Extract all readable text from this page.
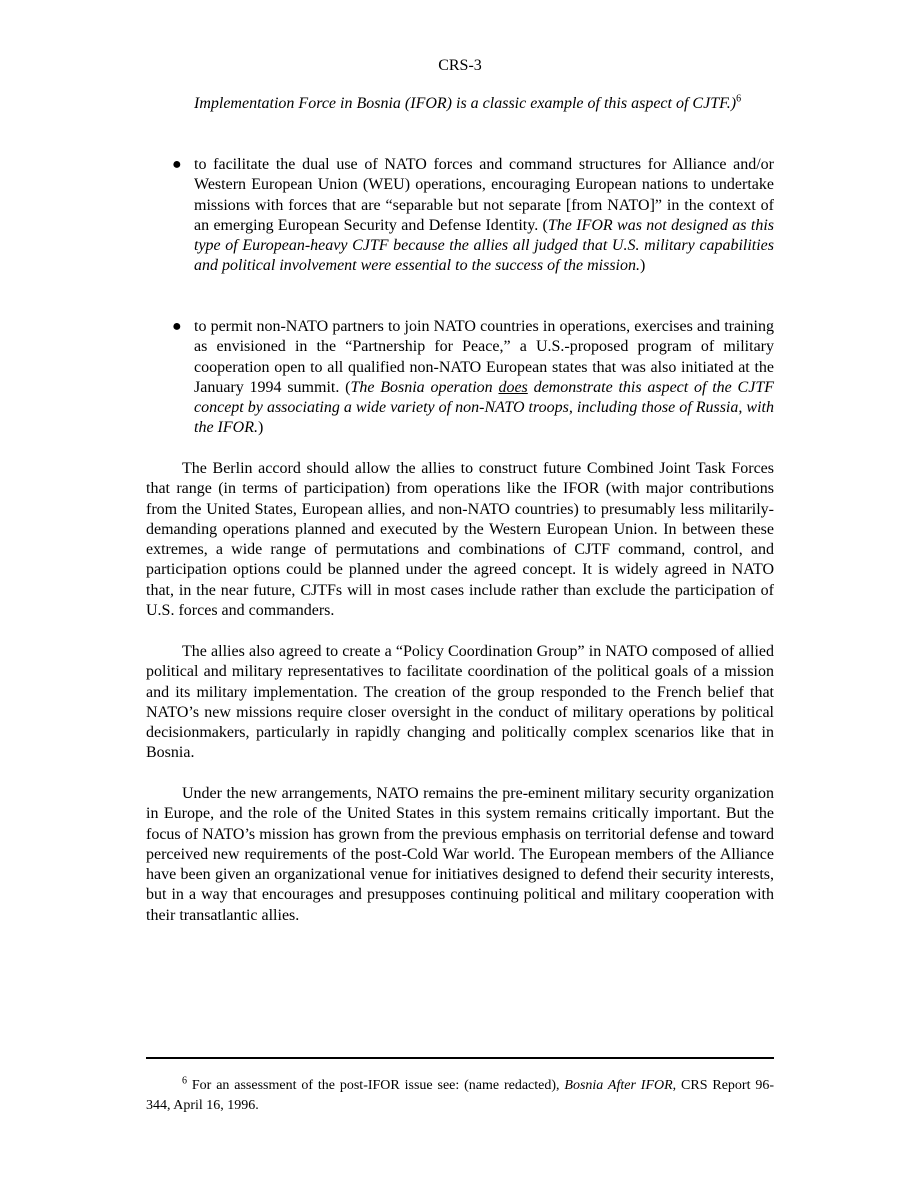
CRS-3

Implementation Force in Bosnia (IFOR) is a classic example of this aspect of CJTF.)$^6$

● to facilitate the dual use of NATO forces and command structures for Alliance and/or Western European Union (WEU) operations, encouraging European nations to undertake missions with forces that are “separable but not separate [from NATO]” in the context of an emerging European Security and Defense Identity. (The IFOR was not designed as this type of European-heavy CJTF because the allies all judged that U.S. military capabilities and political involvement were essential to the success of the mission.)

● to permit non-NATO partners to join NATO countries in operations, exercises and training as envisioned in the “Partnership for Peace,” a U.S.-proposed program of military cooperation open to all qualified non-NATO European states that was also initiated at the January 1994 summit. (The Bosnia operation does demonstrate this aspect of the CJTF concept by associating a wide variety of non-NATO troops, including those of Russia, with the IFOR.)

The Berlin accord should allow the allies to construct future Combined Joint Task Forces that range (in terms of participation) from operations like the IFOR (with major contributions from the United States, European allies, and non-NATO countries) to presumably less militarily-demanding operations planned and executed by the Western European Union. In between these extremes, a wide range of permutations and combinations of CJTF command, control, and participation options could be planned under the agreed concept. It is widely agreed in NATO that, in the near future, CJTFs will in most cases include rather than exclude the participation of U.S. forces and commanders.

The allies also agreed to create a “Policy Coordination Group” in NATO composed of allied political and military representatives to facilitate coordination of the political goals of a mission and its military implementation. The creation of the group responded to the French belief that NATO’s new missions require closer oversight in the conduct of military operations by political decisionmakers, particularly in rapidly changing and politically complex scenarios like that in Bosnia.

Under the new arrangements, NATO remains the pre-eminent military security organization in Europe, and the role of the United States in this system remains critically important. But the focus of NATO’s mission has grown from the previous emphasis on territorial defense and toward perceived new requirements of the post-Cold War world. The European members of the Alliance have been given an organizational venue for initiatives designed to defend their security interests, but in a way that encourages and presupposes continuing political and military cooperation with their transatlantic allies.

$^6$ For an assessment of the post-IFOR issue see: (name redacted), Bosnia After IFOR, CRS Report 96-344, April 16, 1996.
